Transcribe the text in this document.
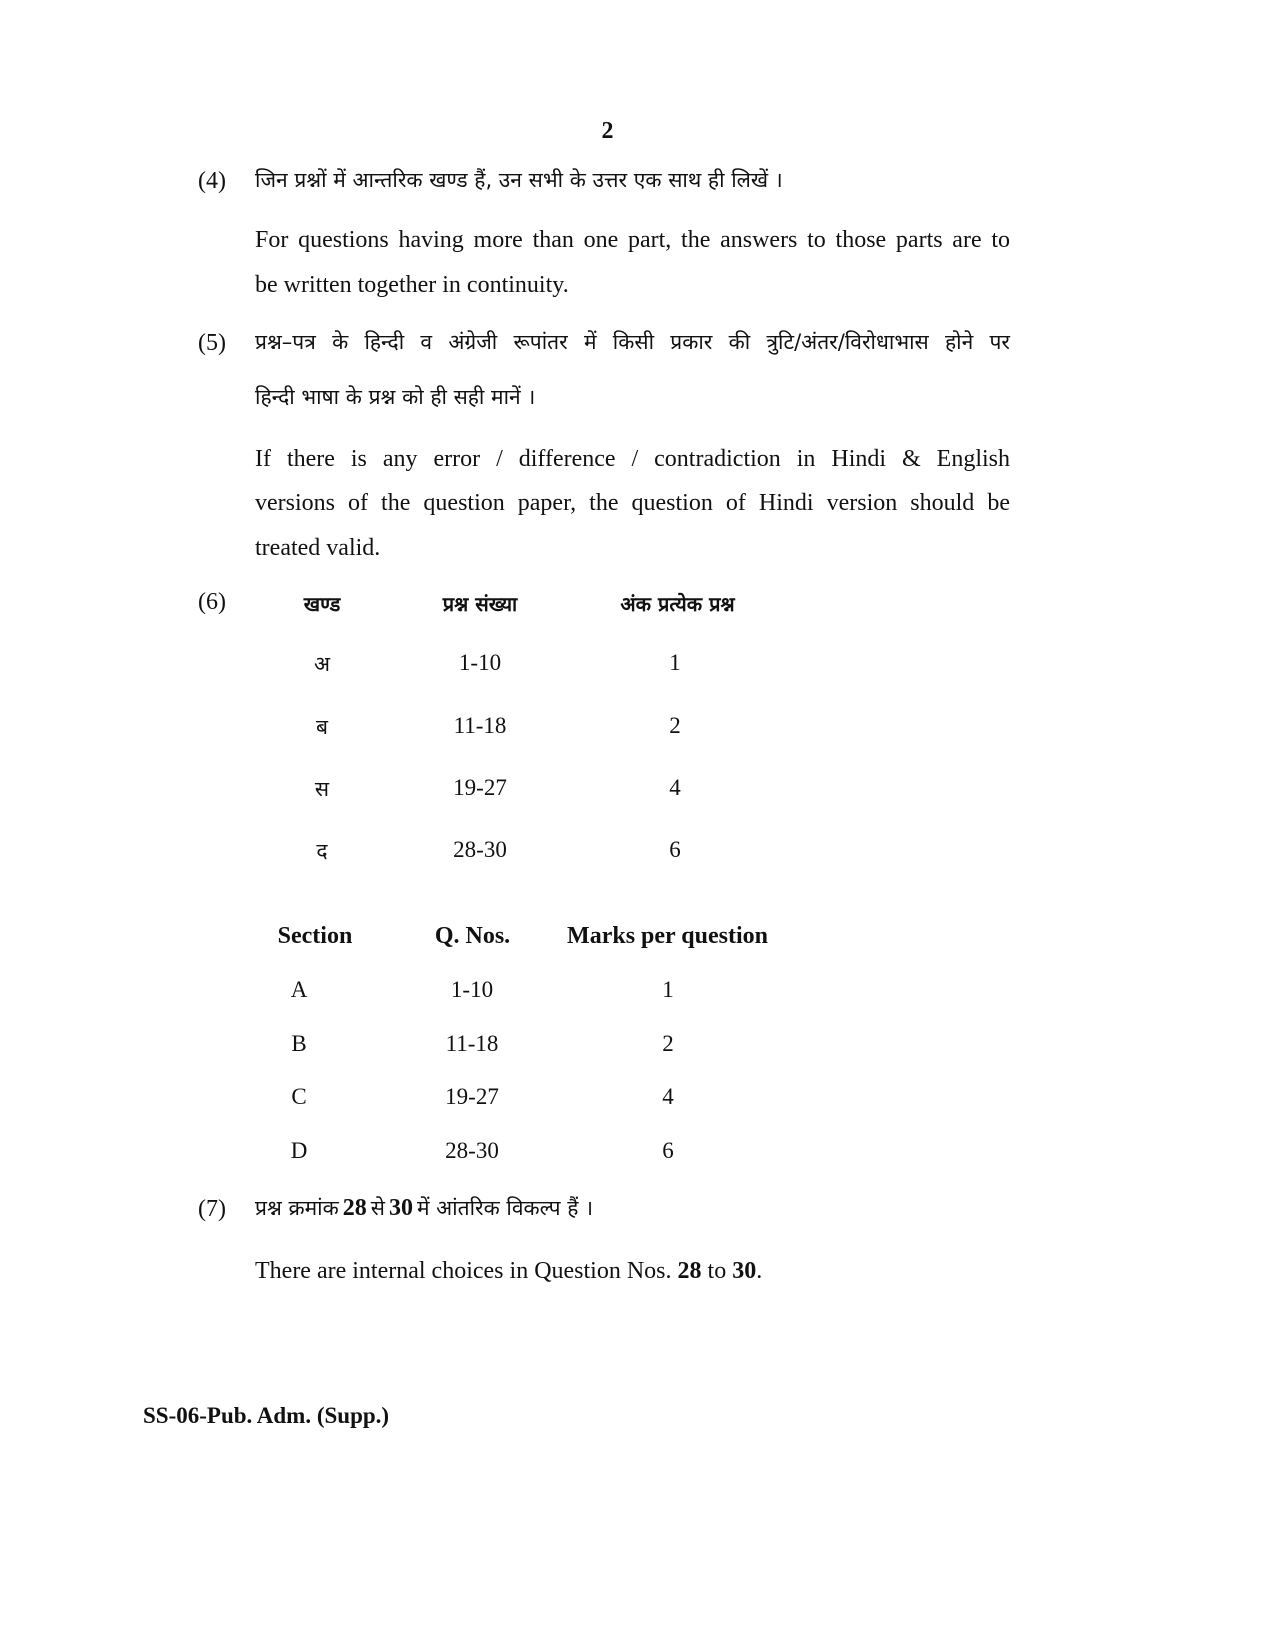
2
(4) जिन प्रश्नों में आन्तरिक खण्ड हैं, उन सभी के उत्तर एक साथ ही लिखें ।
For questions having more than one part, the answers to those parts are to
be written together in continuity.
(5) प्रश्न–पत्र के हिन्दी व अंग्रेजी रूपांतर में किसी प्रकार की त्रुटि/अंतर/विरोधाभास होने पर
हिन्दी भाषा के प्रश्न को ही सही मानें ।
If there is any error / difference / contradiction in Hindi & English
versions of the question paper, the question of Hindi version should be
treated valid.
(6)	खण्ड	प्रश्न संख्या	अंक प्रत्येक प्रश्न
अ	1-10	1
ब	11-18	2
स	19-27	4
द	28-30	6
Section	Q. Nos.	Marks per question
A	1-10	1
B	11-18	2
C	19-27	4
D	28-30	6
(7) प्रश्न क्रमांक 28 से 30 में आंतरिक विकल्प हैं ।
There are internal choices in Question Nos. 28 to 30.
SS-06-Pub. Adm. (Supp.)
